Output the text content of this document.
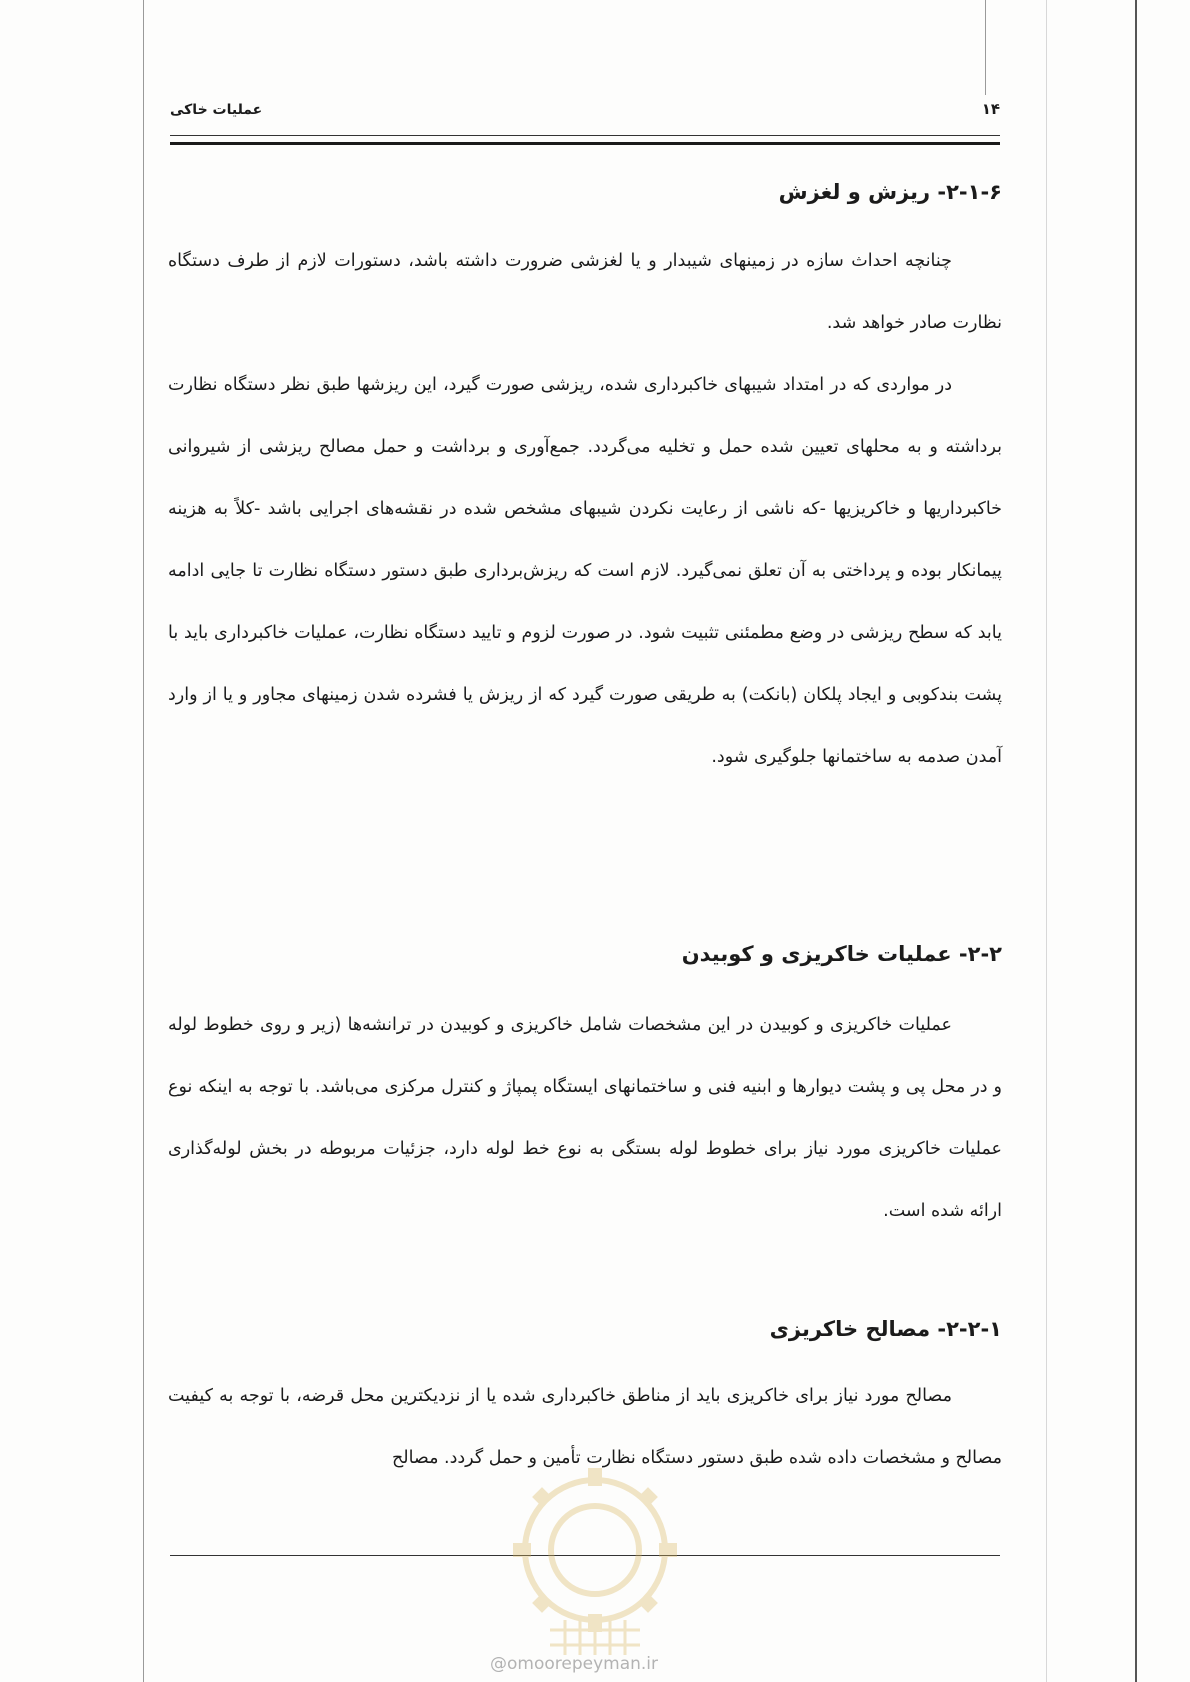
۱۴
عملیات خاکی
۲-۱-۶- ریزش و لغزش

چنانچه احداث سازه در زمینهای شیبدار و یا لغزشی ضرورت داشته باشد، دستورات لازم از طرف دستگاه نظارت صادر خواهد شد.

در مواردی که در امتداد شیبهای خاکبرداری شده، ریزشی صورت گیرد، این ریزشها طبق نظر دستگاه نظارت برداشته و به محلهای تعیین شده حمل و تخلیه می‌گردد. جمع‌آوری و برداشت و حمل مصالح ریزشی از شیروانی خاکبرداریها و خاکریزیها -که ناشی از رعایت نکردن شیبهای مشخص شده در نقشه‌های اجرایی باشد -کلاً به هزینه پیمانکار بوده و پرداختی به آن تعلق نمی‌گیرد. لازم است که ریزش‌برداری طبق دستور دستگاه نظارت تا جایی ادامه یابد که سطح ریزشی در وضع مطمئنی تثبیت شود. در صورت لزوم و تایید دستگاه نظارت، عملیات خاکبرداری باید با پشت بندکوبی و ایجاد پلکان (بانکت) به طریقی صورت گیرد که از ریزش یا فشرده شدن زمینهای مجاور و یا از وارد آمدن صدمه به ساختمانها جلوگیری شود.

۲-۲- عملیات خاکریزی و کوبیدن

عملیات خاکریزی و کوبیدن در این مشخصات شامل خاکریزی و کوبیدن در ترانشه‌ها (زیر و روی خطوط لوله و در محل پی و پشت دیوارها و ابنیه فنی و ساختمانهای ایستگاه پمپاژ و کنترل مرکزی می‌باشد. با توجه به اینکه نوع عملیات خاکریزی مورد نیاز برای خطوط لوله بستگی به نوع خط لوله دارد، جزئیات مربوطه در بخش لوله‌گذاری ارائه شده است.

۲-۲-۱- مصالح خاکریزی

مصالح مورد نیاز برای خاکریزی باید از مناطق خاکبرداری شده یا از نزدیکترین محل قرضه، با توجه به کیفیت مصالح و مشخصات داده شده طبق دستور دستگاه نظارت تأمین و حمل گردد. مصالح

@omoorepeyman.ir
